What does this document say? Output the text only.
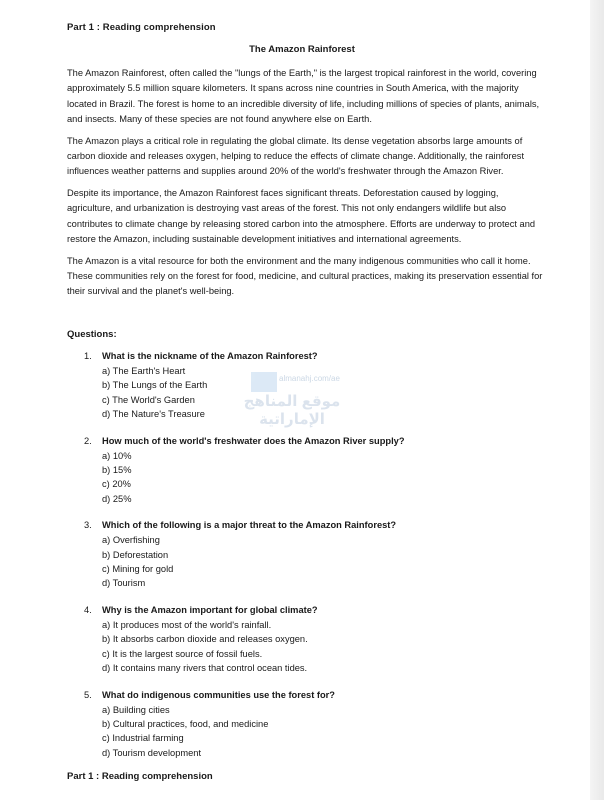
Part 1 : Reading comprehension
The Amazon Rainforest

The Amazon Rainforest, often called the "lungs of the Earth," is the largest tropical rainforest in the world, covering approximately 5.5 million square kilometers. It spans across nine countries in South America, with the majority located in Brazil. The forest is home to an incredible diversity of life, including millions of species of plants, animals, and insects. Many of these species are not found anywhere else on Earth.

The Amazon plays a critical role in regulating the global climate. Its dense vegetation absorbs large amounts of carbon dioxide and releases oxygen, helping to reduce the effects of climate change. Additionally, the rainforest influences weather patterns and supplies around 20% of the world's freshwater through the Amazon River.

Despite its importance, the Amazon Rainforest faces significant threats. Deforestation caused by logging, agriculture, and urbanization is destroying vast areas of the forest. This not only endangers wildlife but also contributes to climate change by releasing stored carbon into the atmosphere. Efforts are underway to protect and restore the Amazon, including sustainable development initiatives and international agreements.

The Amazon is a vital resource for both the environment and the many indigenous communities who call it home. These communities rely on the forest for food, medicine, and cultural practices, making its preservation essential for their survival and the planet's well-being.

Questions:
1.	What is the nickname of the Amazon Rainforest?
a) The Earth's Heart
b) The Lungs of the Earth
c) The World's Garden
d) The Nature's Treasure
2.	How much of the world's freshwater does the Amazon River supply?
a) 10%
b) 15%
c) 20%
d) 25%
3.	Which of the following is a major threat to the Amazon Rainforest?
a) Overfishing
b) Deforestation
c) Mining for gold
d) Tourism
4.	Why is the Amazon important for global climate?
a) It produces most of the world's rainfall.
b) It absorbs carbon dioxide and releases oxygen.
c) It is the largest source of fossil fuels.
d) It contains many rivers that control ocean tides.
5.	What do indigenous communities use the forest for?
a) Building cities
b) Cultural practices, food, and medicine
c) Industrial farming
d) Tourism development
almanahj.com/ae
موقع المناهج الإماراتية
Part 1 : Reading comprehension
